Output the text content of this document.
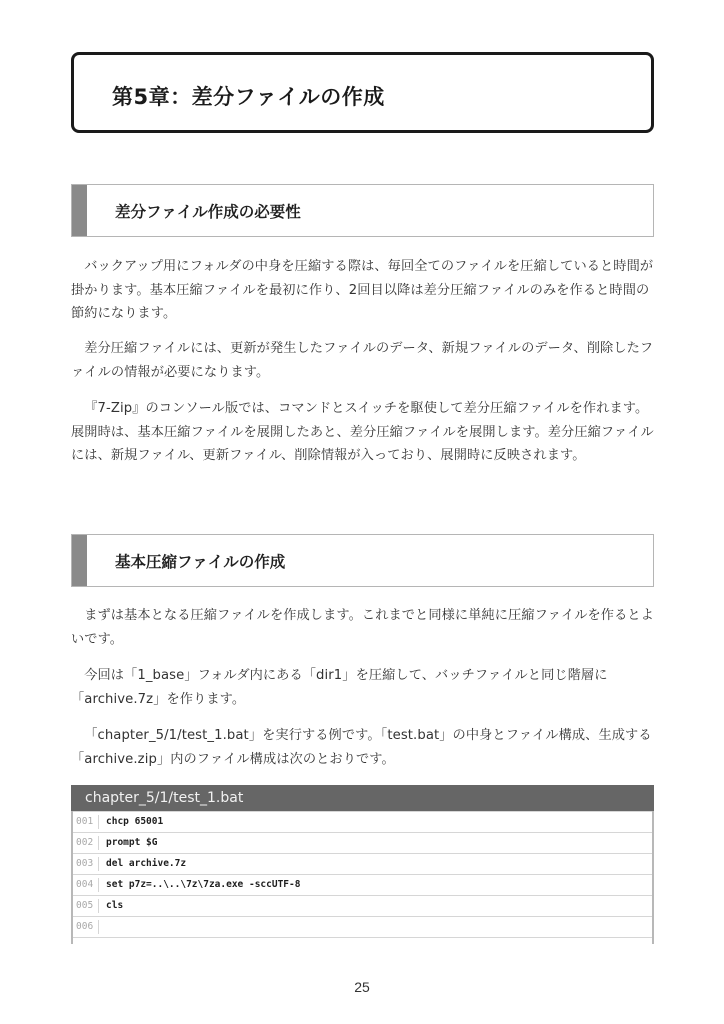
第5章：差分ファイルの作成
差分ファイル作成の必要性

バックアップ用にフォルダの中身を圧縮する際は、毎回全てのファイルを圧縮していると時間が掛かります。基本圧縮ファイルを最初に作り、2回目以降は差分圧縮ファイルのみを作ると時間の節約になります。

差分圧縮ファイルには、更新が発生したファイルのデータ、新規ファイルのデータ、削除したファイルの情報が必要になります。

『7-Zip』のコンソール版では、コマンドとスイッチを駆使して差分圧縮ファイルを作れます。展開時は、基本圧縮ファイルを展開したあと、差分圧縮ファイルを展開します。差分圧縮ファイルには、新規ファイル、更新ファイル、削除情報が入っており、展開時に反映されます。

基本圧縮ファイルの作成

まずは基本となる圧縮ファイルを作成します。これまでと同様に単純に圧縮ファイルを作るとよいです。

今回は「1_base」フォルダ内にある「dir1」を圧縮して、バッチファイルと同じ階層に「archive.7z」を作ります。

「chapter_5/1/test_1.bat」を実行する例です。「test.bat」の中身とファイル構成、生成する「archive.zip」内のファイル構成は次のとおりです。

chapter_5/1/test_1.bat
001	chcp 65001
002	prompt $G
003	del archive.7z
004	set p7z=..\..\7z\7za.exe -sccUTF-8
005	cls
006
25
